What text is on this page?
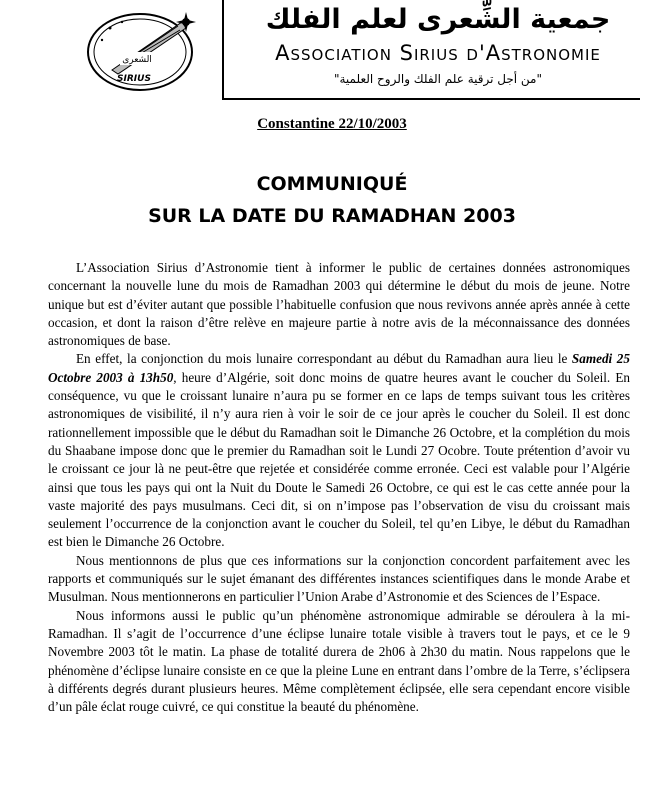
الشعرى
SIRIUS
جمعية الشِّعرى لعلم الفلك
Association Sirius d'Astronomie
"من أجل ترقية علم الفلك والروح العلمية"
Constantine 22/10/2003
COMMUNIQUÉ
SUR LA DATE DU RAMADHAN 2003

L’Association Sirius d’Astronomie tient à informer le public de certaines données astronomiques concernant la nouvelle lune du mois de Ramadhan 2003 qui détermine le début du mois de jeune. Notre unique but est d’éviter autant que possible l’habituelle confusion que nous revivons année après année à cette occasion, et dont la raison d’être relève en majeure partie à notre avis de la méconnaissance des données astronomiques de base.

En effet, la conjonction du mois lunaire correspondant au début du Ramadhan aura lieu le Samedi 25 Octobre 2003 à 13h50, heure d’Algérie, soit donc moins de quatre heures avant le coucher du Soleil. En conséquence, vu que le croissant lunaire n’aura pu se former en ce laps de temps suivant tous les critères astronomiques de visibilité, il n’y aura rien à voir le soir de ce jour après le coucher du Soleil. Il est donc rationnellement impossible que le début du Ramadhan soit le Dimanche 26 Octobre, et la complétion du mois du Shaabane impose donc que le premier du Ramadhan soit le Lundi 27 Ocobre. Toute prétention d’avoir vu le croissant ce jour là ne peut-être que rejetée et considérée comme erronée. Ceci est valable pour l’Algérie ainsi que tous les pays qui ont la Nuit du Doute le Samedi 26 Octobre, ce qui est le cas cette année pour la vaste majorité des pays musulmans. Ceci dit, si on n’impose pas l’observation de visu du croissant mais seulement l’occurrence de la conjonction avant le coucher du Soleil, tel qu’en Libye, le début du Ramadhan est bien le Dimanche 26 Octobre.

Nous mentionnons de plus que ces informations sur la conjonction concordent parfaitement avec les rapports et communiqués sur le sujet émanant des différentes instances scientifiques dans le monde Arabe et Musulman. Nous mentionnerons en particulier l’Union Arabe d’Astronomie et des Sciences de l’Espace.

Nous informons aussi le public qu’un phénomène astronomique admirable se déroulera à la mi-Ramadhan. Il s’agit de l’occurrence d’une éclipse lunaire totale visible à travers tout le pays, et ce le 9 Novembre 2003 tôt le matin. La phase de totalité durera de 2h06 à 2h30 du matin. Nous rappelons que le phénomène d’éclipse lunaire consiste en ce que la pleine Lune en entrant dans l’ombre de la Terre, s’éclipsera à différents degrés durant plusieurs heures. Même complètement éclipsée, elle sera cependant encore visible d’un pâle éclat rouge cuivré, ce qui constitue la beauté du phénomène.
